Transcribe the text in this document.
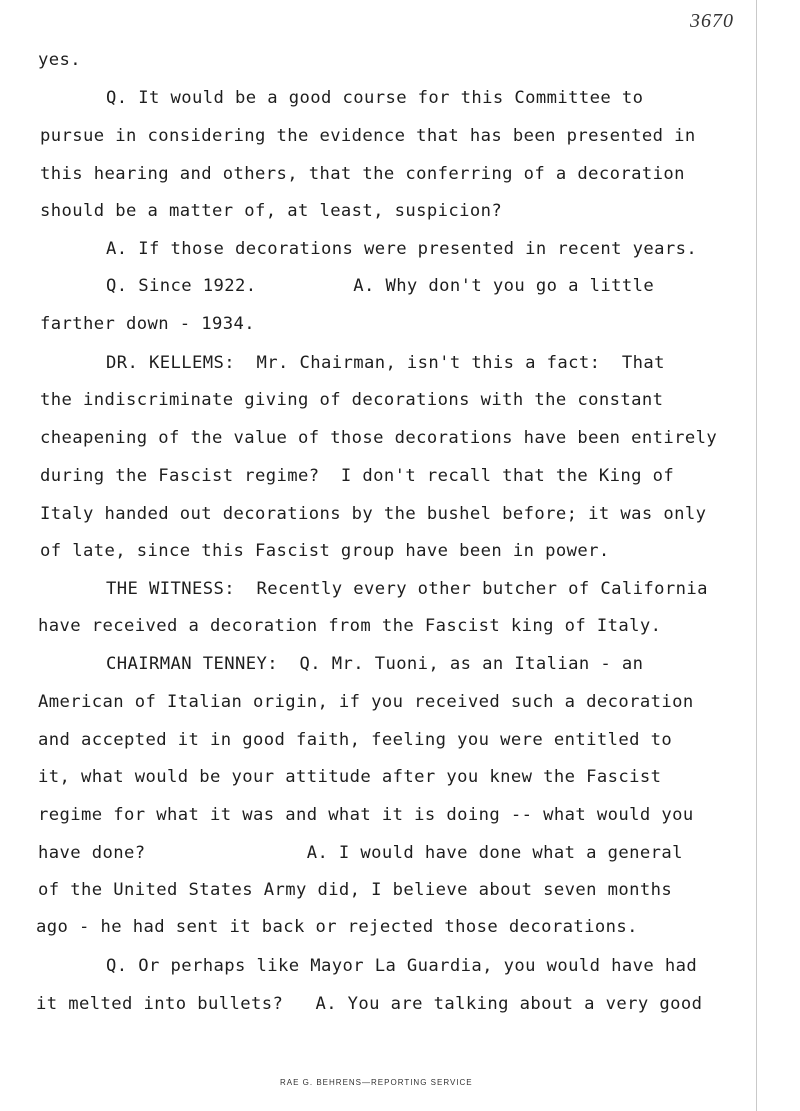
3670
yes.
Q. It would be a good course for this Committee to
pursue in considering the evidence that has been presented in
this hearing and others, that the conferring of a decoration
should be a matter of, at least, suspicion?
A. If those decorations were presented in recent years.
Q. Since 1922.         A. Why don't you go a little
farther down - 1934.
DR. KELLEMS:  Mr. Chairman, isn't this a fact:  That
the indiscriminate giving of decorations with the constant
cheapening of the value of those decorations have been entirely
during the Fascist regime?  I don't recall that the King of
Italy handed out decorations by the bushel before; it was only
of late, since this Fascist group have been in power.
THE WITNESS:  Recently every other butcher of California
have received a decoration from the Fascist king of Italy.
CHAIRMAN TENNEY:  Q. Mr. Tuoni, as an Italian - an
American of Italian origin, if you received such a decoration
and accepted it in good faith, feeling you were entitled to
it, what would be your attitude after you knew the Fascist
regime for what it was and what it is doing -- what would you
have done?               A. I would have done what a general
of the United States Army did, I believe about seven months
ago - he had sent it back or rejected those decorations.
Q. Or perhaps like Mayor La Guardia, you would have had
it melted into bullets?   A. You are talking about a very good
RAE G. BEHRENS—REPORTING SERVICE
